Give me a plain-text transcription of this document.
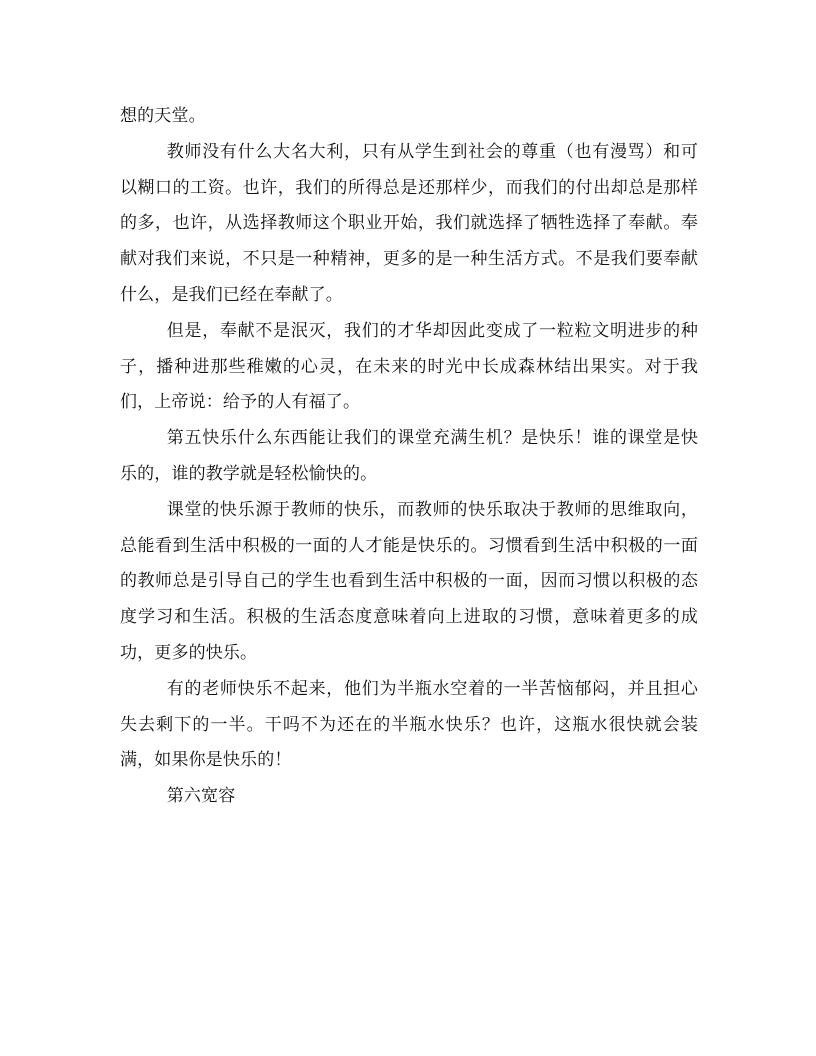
想的天堂。

教师没有什么大名大利，只有从学生到社会的尊重（也有漫骂）和可以糊口的工资。也许，我们的所得总是还那样少，而我们的付出却总是那样的多，也许，从选择教师这个职业开始，我们就选择了牺牲选择了奉献。奉献对我们来说，不只是一种精神，更多的是一种生活方式。不是我们要奉献什么，是我们已经在奉献了。

但是，奉献不是泯灭，我们的才华却因此变成了一粒粒文明进步的种子，播种进那些稚嫩的心灵，在未来的时光中长成森林结出果实。对于我们，上帝说：给予的人有福了。

第五快乐什么东西能让我们的课堂充满生机？是快乐！谁的课堂是快乐的，谁的教学就是轻松愉快的。

课堂的快乐源于教师的快乐，而教师的快乐取决于教师的思维取向，总能看到生活中积极的一面的人才能是快乐的。习惯看到生活中积极的一面的教师总是引导自己的学生也看到生活中积极的一面，因而习惯以积极的态度学习和生活。积极的生活态度意味着向上进取的习惯，意味着更多的成功，更多的快乐。

有的老师快乐不起来，他们为半瓶水空着的一半苦恼郁闷，并且担心失去剩下的一半。干吗不为还在的半瓶水快乐？也许，这瓶水很快就会装满，如果你是快乐的！

第六宽容
